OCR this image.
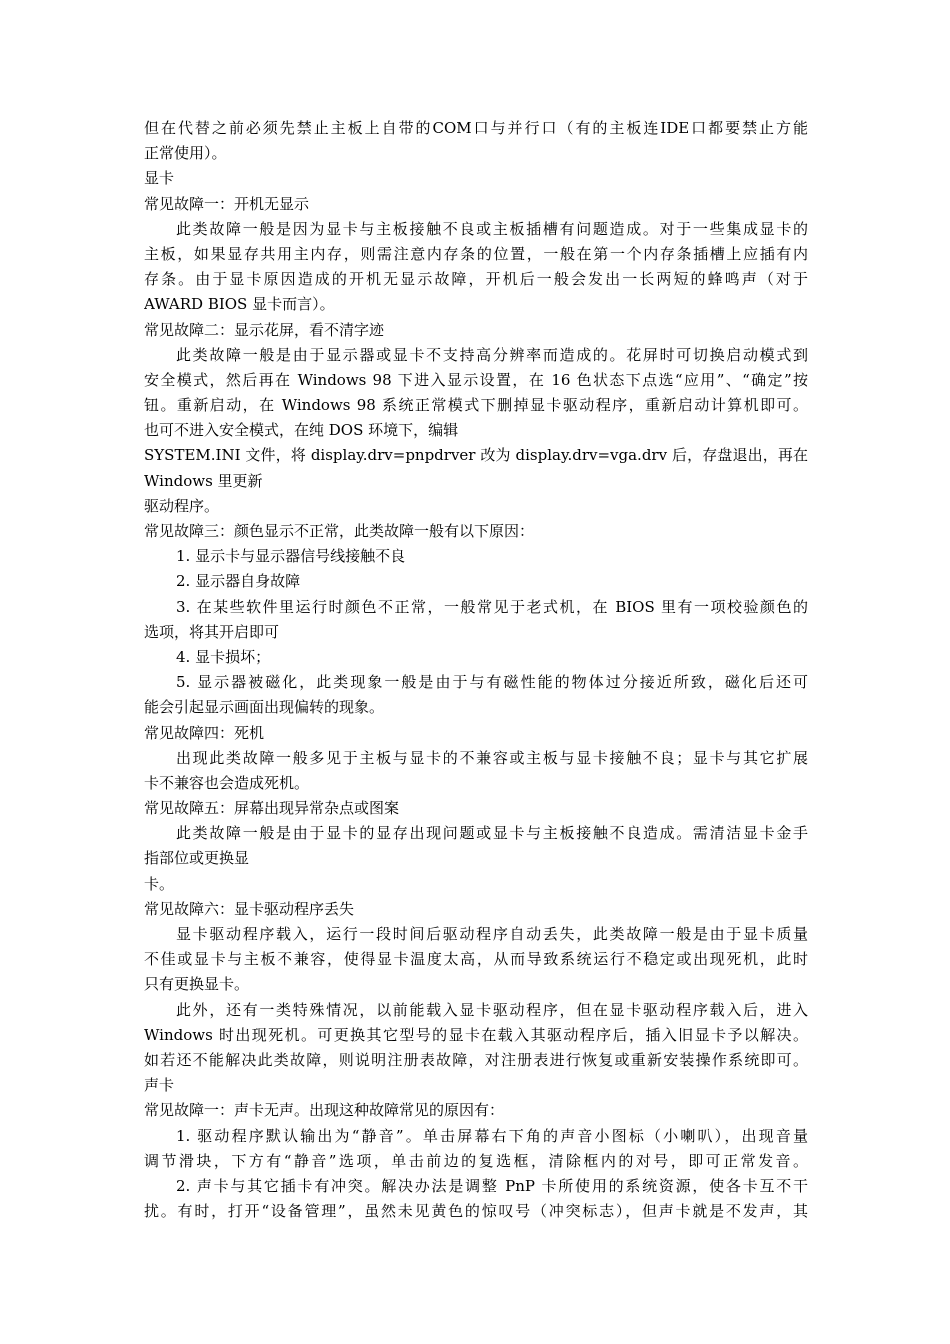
但在代替之前必须先禁止主板上自带的COM口与并行口（有的主板连IDE口都要禁止方能
正常使用）。
显卡
常见故障一：开机无显示
此类故障一般是因为显卡与主板接触不良或主板插槽有问题造成。对于一些集成显卡的
主板，如果显存共用主内存，则需注意内存条的位置，一般在第一个内存条插槽上应插有内
存条。由于显卡原因造成的开机无显示故障，开机后一般会发出一长两短的蜂鸣声（对于
AWARD BIOS 显卡而言）。
常见故障二：显示花屏，看不清字迹
此类故障一般是由于显示器或显卡不支持高分辨率而造成的。花屏时可切换启动模式到
安全模式，然后再在 Windows 98 下进入显示设置，在 16 色状态下点选“应用”、“确定”按
钮。重新启动，在 Windows 98 系统正常模式下删掉显卡驱动程序，重新启动计算机即可。
也可不进入安全模式，在纯 DOS 环境下，编辑
SYSTEM.INI 文件，将 display.drv=pnpdrver 改为 display.drv=vga.drv 后，存盘退出，再在
Windows 里更新
驱动程序。
常见故障三：颜色显示不正常，此类故障一般有以下原因：
1. 显示卡与显示器信号线接触不良
2. 显示器自身故障
3. 在某些软件里运行时颜色不正常，一般常见于老式机，在 BIOS 里有一项校验颜色的
选项，将其开启即可
4. 显卡损坏；
5. 显示器被磁化，此类现象一般是由于与有磁性能的物体过分接近所致，磁化后还可
能会引起显示画面出现偏转的现象。
常见故障四：死机
出现此类故障一般多见于主板与显卡的不兼容或主板与显卡接触不良；显卡与其它扩展
卡不兼容也会造成死机。
常见故障五：屏幕出现异常杂点或图案
此类故障一般是由于显卡的显存出现问题或显卡与主板接触不良造成。需清洁显卡金手
指部位或更换显
卡。
常见故障六：显卡驱动程序丢失
显卡驱动程序载入，运行一段时间后驱动程序自动丢失，此类故障一般是由于显卡质量
不佳或显卡与主板不兼容，使得显卡温度太高，从而导致系统运行不稳定或出现死机，此时
只有更换显卡。
此外，还有一类特殊情况，以前能载入显卡驱动程序，但在显卡驱动程序载入后，进入
Windows 时出现死机。可更换其它型号的显卡在载入其驱动程序后，插入旧显卡予以解决。
如若还不能解决此类故障，则说明注册表故障，对注册表进行恢复或重新安装操作系统即可。
声卡
常见故障一：声卡无声。出现这种故障常见的原因有：
1. 驱动程序默认输出为“静音”。单击屏幕右下角的声音小图标（小喇叭），出现音量
调节滑块，下方有“静音”选项，单击前边的复选框，清除框内的对号，即可正常发音。
2. 声卡与其它插卡有冲突。解决办法是调整 PnP 卡所使用的系统资源，使各卡互不干
扰。有时，打开“设备管理”，虽然未见黄色的惊叹号（冲突标志），但声卡就是不发声，其
